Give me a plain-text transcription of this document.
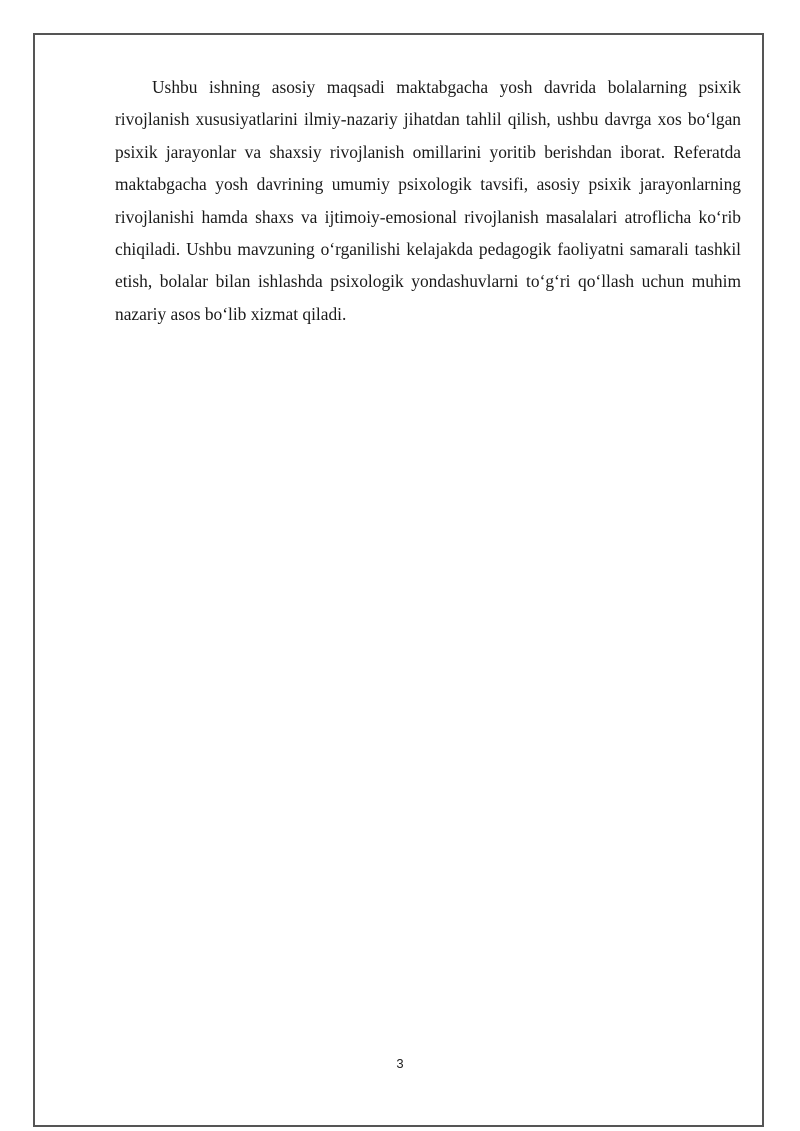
Ushbu ishning asosiy maqsadi maktabgacha yosh davrida bolalarning psixik rivojlanish xususiyatlarini ilmiy-nazariy jihatdan tahlil qilish, ushbu davrga xos boʻlgan psixik jarayonlar va shaxsiy rivojlanish omillarini yoritib berishdan iborat. Referatda maktabgacha yosh davrining umumiy psixologik tavsifi, asosiy psixik jarayonlarning rivojlanishi hamda shaxs va ijtimoiy-emosional rivojlanish masalalari atroflicha koʻrib chiqiladi. Ushbu mavzuning oʻrganilishi kelajakda pedagogik faoliyatni samarali tashkil etish, bolalar bilan ishlashda psixologik yondashuvlarni toʻgʻri qoʻllash uchun muhim nazariy asos boʻlib xizmat qiladi.

3
